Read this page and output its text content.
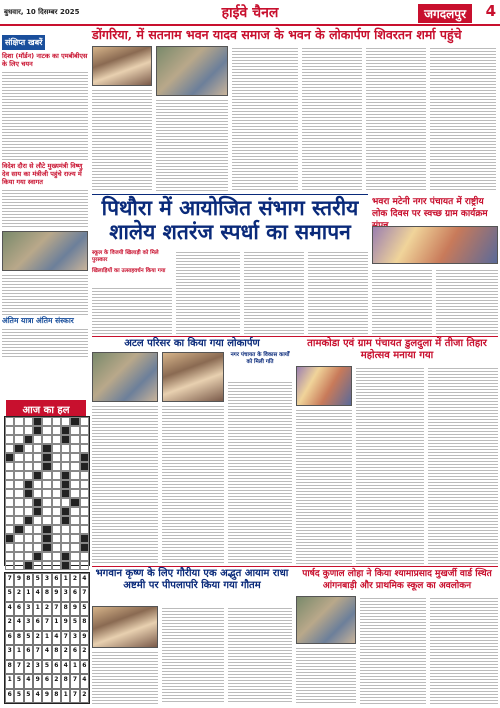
बुधवार, 10 दिसम्बर 2025	हाईवे चैनल	जगदलपुर	4
डोंगरिया, में सतनाम भवन यादव समाज के भवन के लोकार्पण शिवरतन शर्मा पहुंचे
संक्षिप्त खबरें
दिशा (मॉर्डन) नाटक का एमबीबीएस के लिए चयन
विदेश दौरा से लौटे मुख्यमंत्री विष्णु देव साय का मंत्रीजी पहुंचे राज्य में किया गया स्वागत
अंतिम यात्रा अंतिम संस्कार
आज का हल
7 9 8 5 3 6 1 2 4
5 2 1 4 8 9 3 6 7
4 6 3 1 2 7 8 9 5
2 4 3 6 7 1 9 5 8
6 8 5 2 1 4 7 3 9
3 1 6 7 4 8 2 6 2
8 7 2 3 5 6 4 1 6
1 5 4 9 6 2 8 7 4
6 5 5 4 9 8 1 7 2
पिथौरा में आयोजित संभाग स्तरीय शालेय शतरंज स्पर्धा का समापन
स्कूल के विजयी खिलाड़ी को मिले पुरस्कार
खिलाड़ियों का उत्साहवर्धन किया गया
भवरा मटेनी नगर पंचायत में राष्ट्रीय लोक दिवस पर स्वच्छ ग्राम कार्यक्रम
अटल परिसर का किया गया लोकार्पण
नगर पंचायत के विकास कार्यों को मिली गति
तामकोडा एवं ग्राम पंचायत डुलदुला में तीजा तिहार महोत्सव मनाया गया
भगवान कृष्ण के लिए गौरीया एक अद्भुत आयाम राधा अष्टमी पर पीपलापरि किया गया गौतम
पार्षद कुणाल लोहा ने किया श्यामाप्रसाद मुखर्जी वार्ड स्थित आंगनबाड़ी और प्राथमिक स्कूल का अवलोकन
